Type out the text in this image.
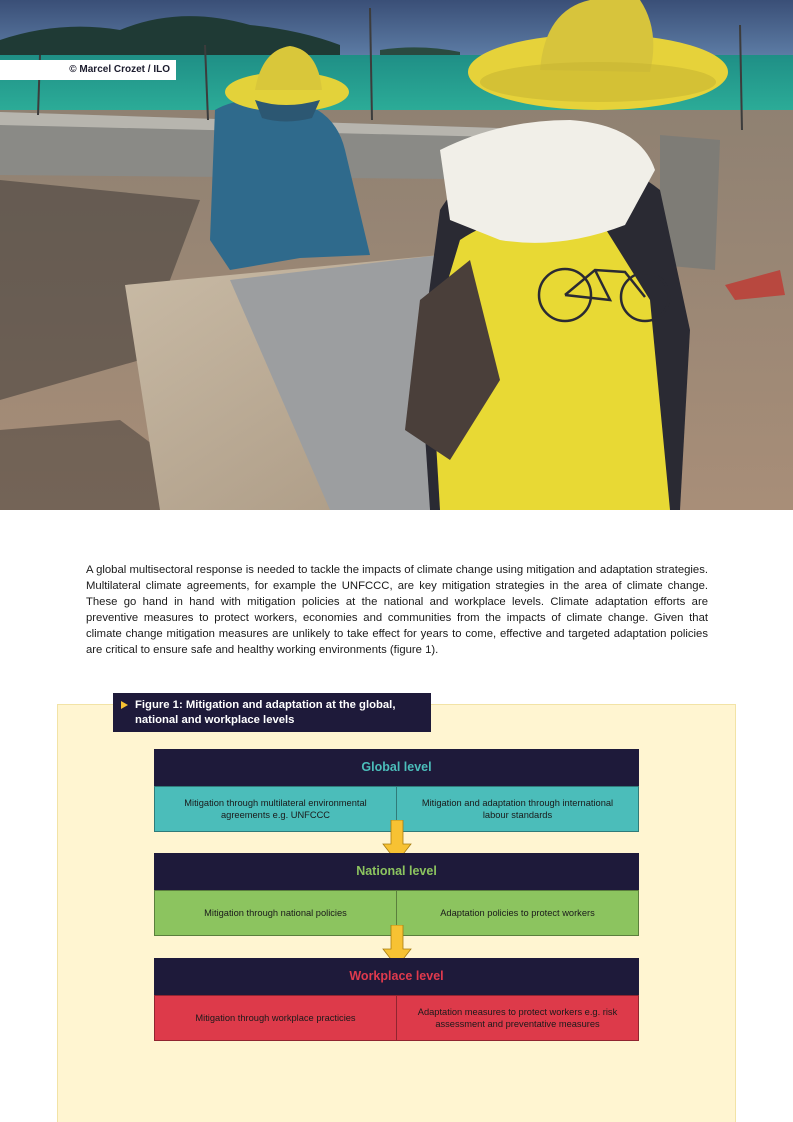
© Marcel Crozet / ILO

A global multisectoral response is needed to tackle the impacts of climate change using mitigation and adaptation strategies. Multilateral climate agreements, for example the UNFCCC, are key mitigation strategies in the area of climate change. These go hand in hand with mitigation policies at the national and workplace levels. Climate adaptation efforts are preventive measures to protect workers, economies and communities from the impacts of climate change. Given that climate change mitigation measures are unlikely to take effect for years to come, effective and targeted adaptation policies are critical to ensure safe and healthy working environments (figure 1).

Figure 1: Mitigation and adaptation at the global, national and workplace levels
Global level
Mitigation through multilateral environmental agreements e.g. UNFCCC
Mitigation and adaptation through international labour standards
National level
Mitigation through national policies	Adaptation policies to protect workers
Workplace level
Mitigation through workplace practicies
Adaptation measures to protect workers e.g. risk assessment and preventative measures
